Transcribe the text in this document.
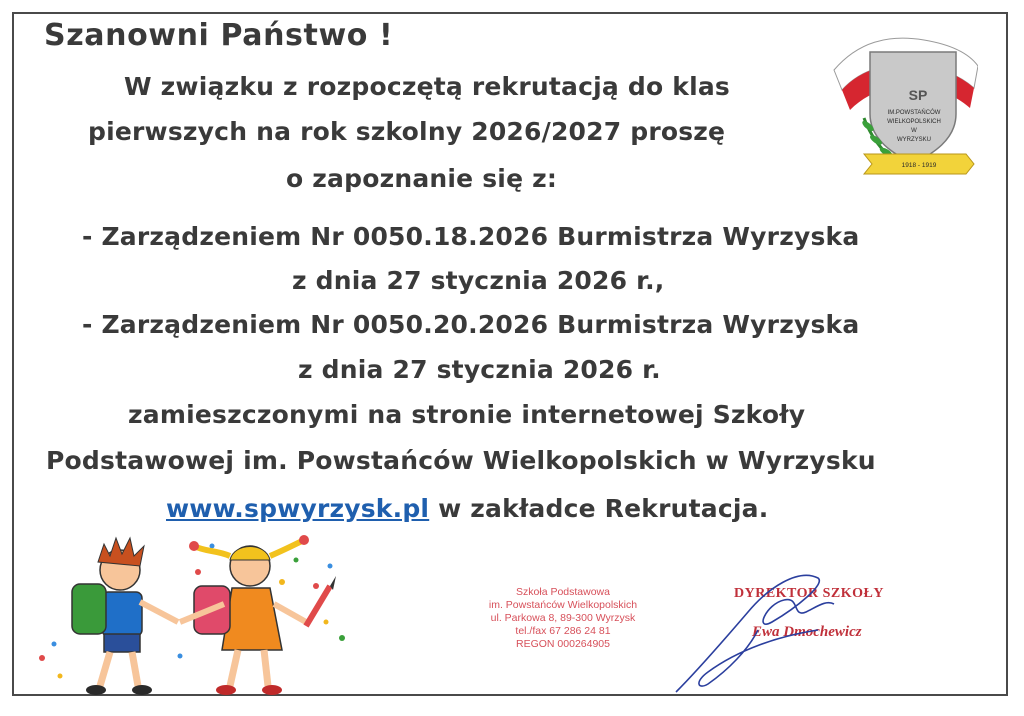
Szanowni Państwo !
W związku z rozpoczętą rekrutacją do klas
pierwszych na rok szkolny 2026/2027 proszę
o zapoznanie się z:
- Zarządzeniem Nr 0050.18.2026 Burmistrza Wyrzyska
z dnia 27 stycznia 2026 r.,
- Zarządzeniem Nr 0050.20.2026 Burmistrza Wyrzyska
z dnia 27 stycznia 2026 r.
zamieszczonymi na stronie internetowej Szkoły
Podstawowej im. Powstańców Wielkopolskich w Wyrzysku
www.spwyrzysk.pl w zakładce Rekrutacja.
SP
IM.POWSTAŃCÓW
WIELKOPOLSKICH
W
WYRZYSKU
1918 - 1919
Szkoła Podstawowa
im. Powstańców Wielkopolskich
ul. Parkowa 8, 89-300 Wyrzysk
tel./fax 67 286 24 81
REGON 000264905
DYREKTOR SZKOŁY
Ewa Dmochewicz
